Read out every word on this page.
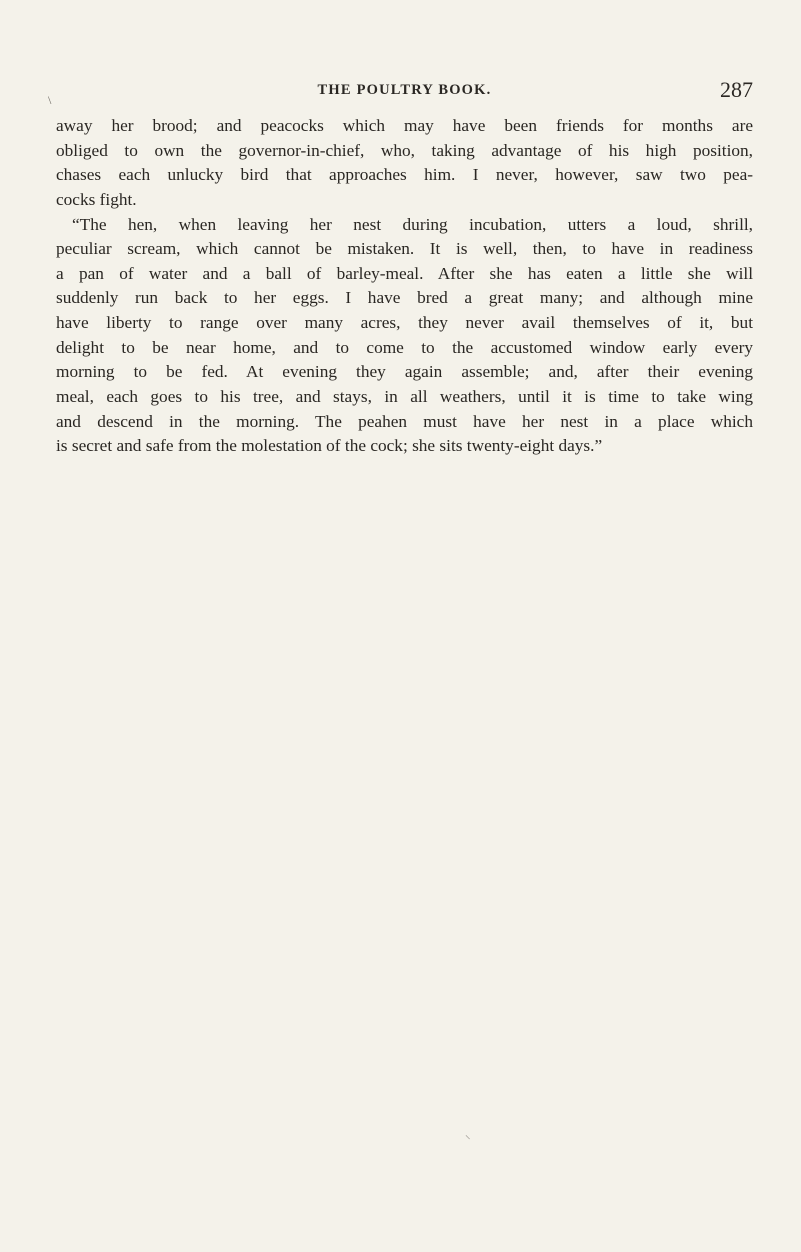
THE POULTRY BOOK.	287
\
away her brood; and peacocks which may have been friends for months are
obliged to own the governor-in-chief, who, taking advantage of his high position,
chases each unlucky bird that approaches him. I never, however, saw two pea-
cocks fight.
“The hen, when leaving her nest during incubation, utters a loud, shrill,
peculiar scream, which cannot be mistaken. It is well, then, to have in readiness
a pan of water and a ball of barley-meal. After she has eaten a little she will
suddenly run back to her eggs. I have bred a great many; and although mine
have liberty to range over many acres, they never avail themselves of it, but
delight to be near home, and to come to the accustomed window early every
morning to be fed. At evening they again assemble; and, after their evening
meal, each goes to his tree, and stays, in all weathers, until it is time to take wing
and descend in the morning. The peahen must have her nest in a place which
is secret and safe from the molestation of the cock; she sits twenty-eight days.”
⸌
